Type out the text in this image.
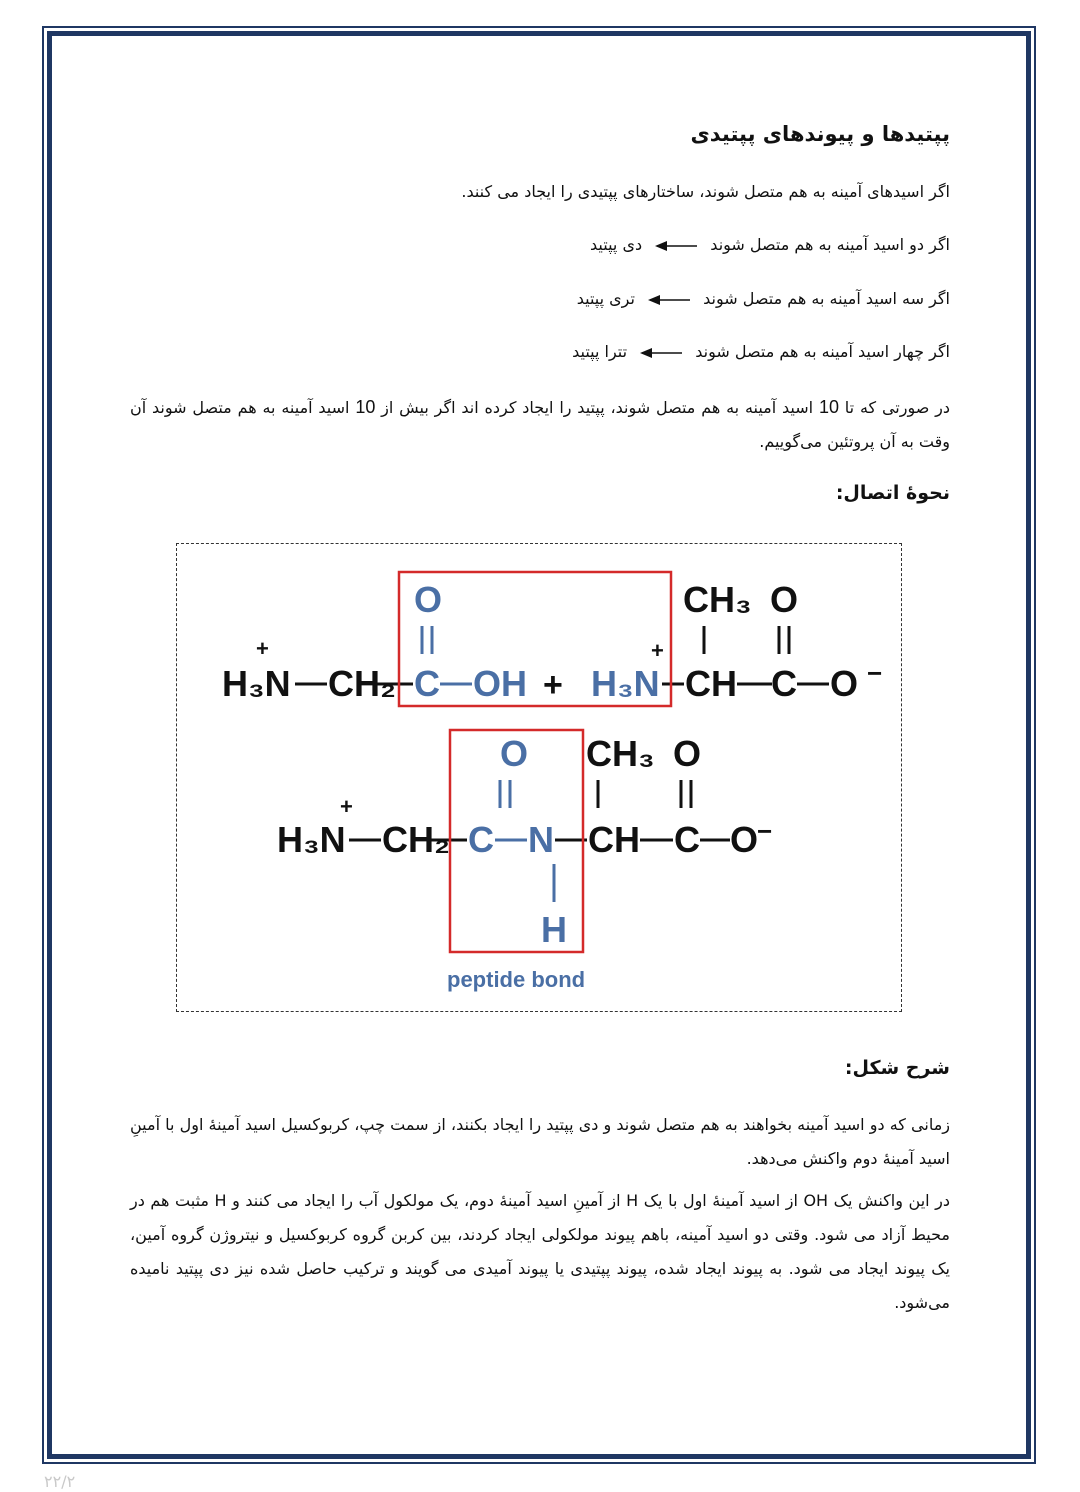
پپتیدها و پیوندهای پپتیدی
اگر اسیدهای آمینه به هم متصل شوند، ساختارهای پپتیدی را ایجاد می کنند.
اگر دو اسید آمینه به هم متصل شوند  دی پپتید
اگر سه اسید آمینه به هم متصل شوند  تری پپتید
اگر چهار اسید آمینه به هم متصل شوند  تترا پپتید
در صورتی که تا 10 اسید آمینه به هم متصل شوند، پپتید را ایجاد کرده اند اگر بیش از 10 اسید آمینه به هم متصل شوند آن وقت به آن پروتئین می‌گوییم.
نحوۀ اتصال:
H₃N
+
CH₂
O
C OH + H₃N
+
CH
CH₃ O
C O −
H₃N
+
CH₂
O
C N
H
CH
CH₃ O
C O
−
peptide bond
شرح شکل:
زمانی که دو اسید آمینه بخواهند به هم متصل شوند و دی پپتید را ایجاد بکنند، از سمت چپ، کربوکسیل اسید آمینۀ اول با آمینِ اسید آمینۀ دوم واکنش می‌دهد.
در این واکنش یک OH از اسید آمینۀ اول با یک H از آمینِ اسید آمینۀ دوم، یک مولکول آب را ایجاد می کنند و H مثبت هم در محیط آزاد می شود. وقتی دو اسید آمینه، باهم پیوند مولکولی ایجاد کردند، بین کربن گروه کربوکسیل و نیتروژن گروه آمین، یک پیوند ایجاد می شود. به پیوند ایجاد شده، پیوند پپتیدی یا پیوند آمیدی می گویند و ترکیب حاصل شده نیز دی پپتید نامیده می‌شود.
۲۲/۲
